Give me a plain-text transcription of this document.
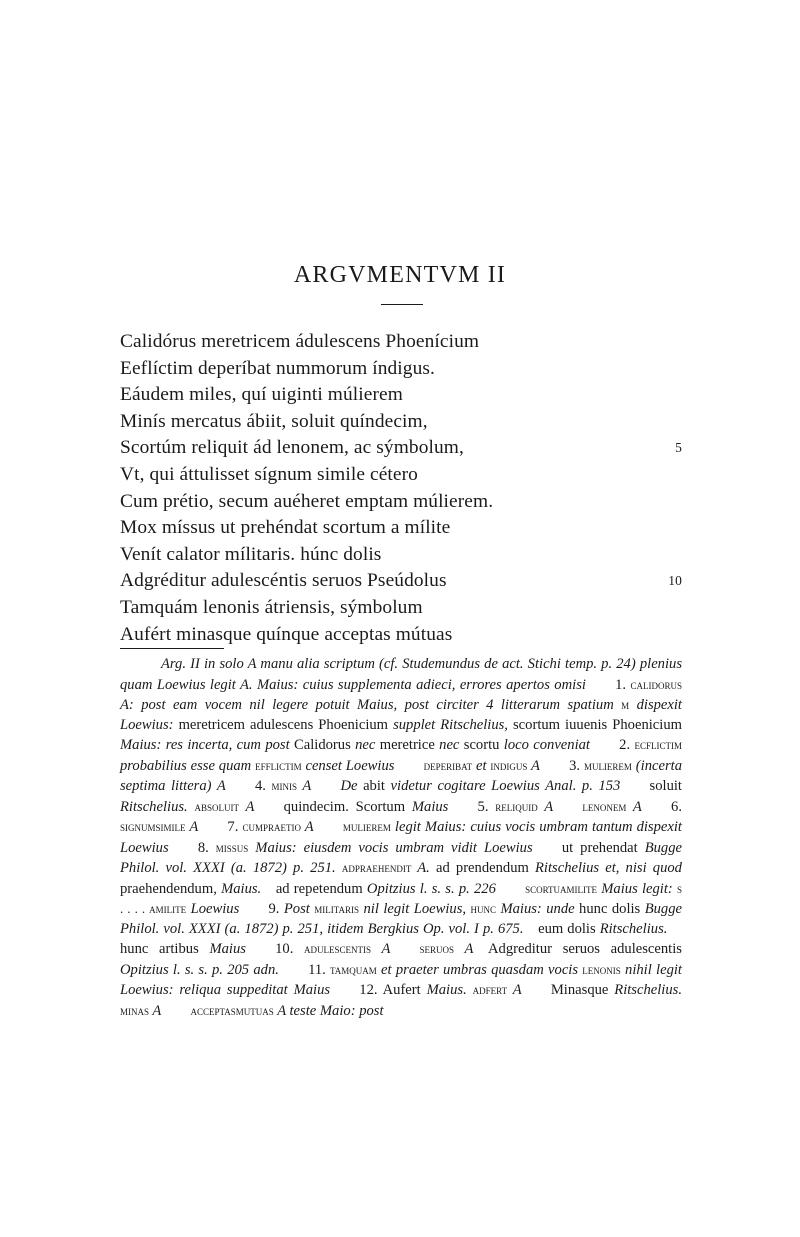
ARGVMENTVM II
Calidórus meretricem ádulescens Phoenícium
Eeflíctim deperíbat nummorum índigus.
Eáudem miles, quí uiginti múlierem
Minís mercatus ábiit, soluit quíndecim,
Scortúm reliquit ád lenonem, ac sýmbolum,	5
Vt, qui áttulisset sígnum simile cétero
Cum prétio, secum auéheret emptam múlierem.
Mox míssus ut prehéndat scortum a mílite
Venít calator mílitaris. húnc dolis
Adgréditur adulescéntis seruos Pseúdolus	10
Tamquám lenonis átriensis, sýmbolum
Aufért minasque quínque acceptas mútuas

Arg. II in solo A manu alia scriptum (cf. Studemundus de act. Stichi temp. p. 24) plenius quam Loewius legit A. Maius: cuius supplementa adieci, errores apertos omisi  1. calidorus A: post eam vocem nil legere potuit Maius, post circiter 4 litterarum spatium m dispexit Loewius: meretricem adulescens Phoenicium supplet Ritschelius, scortum iuuenis Phoenicium Maius: res incerta, cum post Calidorus nec meretrice nec scortu loco conveniat  2. ecflictim probabilius esse quam efflictim censet Loewius   deperibat et indigus A  3. mulierem (incerta septima littera) A  4. minis A   De abit videtur cogitare Loewius Anal. p. 153  soluit Ritschelius. absoluit A  quindecim. Scortum Maius  5. reliquid A   lenonem A  6. signumsimile A  7. cumpraetio A   mulierem legit Maius: cuius vocis umbram tantum dispexit Loewius  8. missus Maius: eiusdem vocis umbram vidit Loewius  ut prehendat Bugge Philol. vol. XXXI (a. 1872) p. 251. adpraehendit A. ad prendendum Ritschelius et, nisi quod praehendendum, Maius. ad repetendum Opitzius l. s. s. p. 226   scortuamilite Maius legit: s . . . . amilite Loewius  9. Post militaris nil legit Loewius, hunc Maius: unde hunc dolis Bugge Philol. vol. XXXI (a. 1872) p. 251, itidem Bergkius Op. vol. I p. 675. eum dolis Ritschelius. hunc artibus Maius  10. adulescentis A   seruos A Adgreditur seruos adulescentis Opitzius l. s. s. p. 205 adn.  11. tamquam et praeter umbras quasdam vocis lenonis nihil legit Loewius: reliqua suppeditat Maius  12. Aufert Maius. adfert A  Minasque Ritschelius. minas A   acceptasmutuas A teste Maio: post
